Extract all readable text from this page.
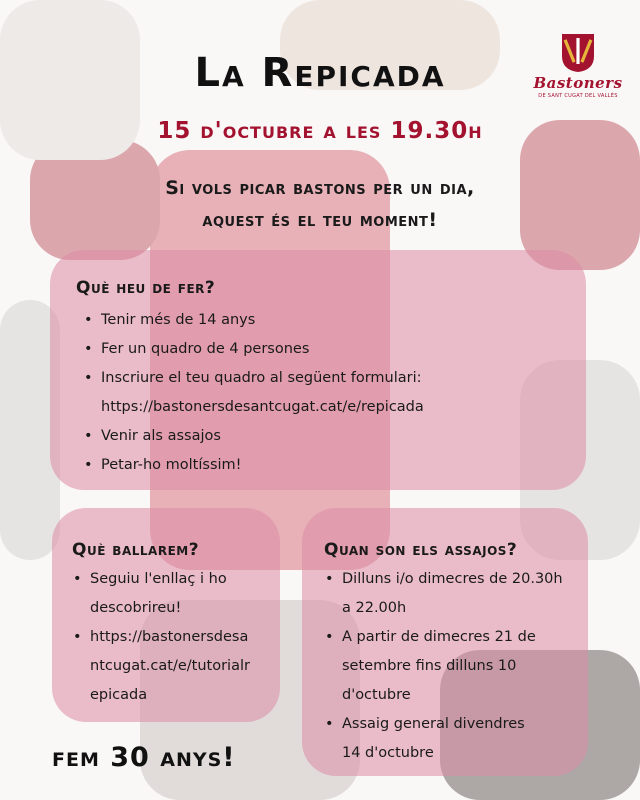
La Repicada
15 d'octubre a les 19.30h
Si vols picar bastons per un dia,
aquest és el teu moment!
Bastoners
DE SANT CUGAT DEL VALLÈS
Què heu de fer?
• Tenir més de 14 anys
• Fer un quadro de 4 persones
• Inscriure el teu quadro al següent formulari:
https://bastonersdesantcugat.cat/e/repicada
• Venir als assajos
• Petar-ho moltíssim!
Què ballarem?
• Seguiu l'enllaç i ho
descobrireu!
• https://bastonersdesa
ntcugat.cat/e/tutorialr
epicada
Quan son els assajos?
• Dilluns i/o dimecres de 20.30h
a 22.00h
• A partir de dimecres 21 de
setembre fins dilluns 10
d'octubre
• Assaig general divendres
14 d'octubre
fem 30 anys!
